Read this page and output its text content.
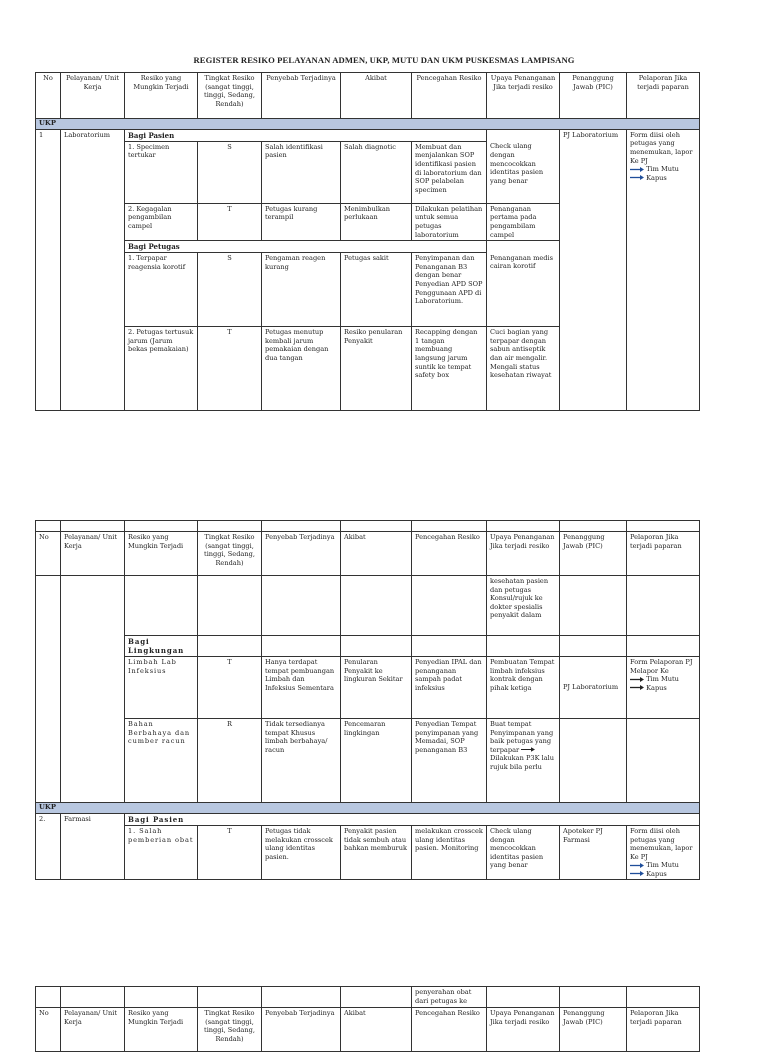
REGISTER RESIKO PELAYANAN ADMEN, UKP, MUTU DAN UKM PUSKESMAS LAMPISANG
No	Pelayanan/ Unit Kerja	Resiko yang Mungkin Terjadi	Tingkat Resiko (sangat tinggi, tinggi, Sedang, Rendah)	Penyebab Terjadinya	Akibat	Pencegahan Resiko	Upaya Penanganan Jika terjadi resiko	Penanggung Jawab (PIC)	Pelaporan Jika terjadi paparan
UKP									
1	Laboratorium	Bagi Pasien						PJ Laboratorium	Form diisi oleh petugas yang menemukan, lapor Ke PJ
Tim Mutu
Kapus

		1. Specimen tertukar	S	Salah identifikasi pasien	Salah diagnotic	Membuat dan menjalankan SOP identifikasi pasien di laboratorium dan SOP pelabelan specimen	Check ulang dengan mencocokkan identitas pasien yang benar		
		2. Kegagalan pengambilan campel	T	Petugas kurang terampil	Menimbulkan perlukaan	Dilakukan pelatihan untuk semua petugas laboratorium	Penanganan pertama pada pengambilam campel		
		Bagi Petugas							
		1. Terpapar reagensia korotif	S	Pengaman reagen kurang	Petugas sakit	Penyimpanan dan Penanganan B3 dengan benar Penyedian APD SOP Penggunaan APD di Laboratorium.	Penanganan medis cairan korotif		
		2. Petugas tertusuk jarum (Jarum bekas pemakaian)	T	Petugas menutup kembali jarum pemakaian dengan dua tangan	Resiko penularan Penyakit	Recapping dengan 1 tangan membuang langsung jarum suntik ke tempat safety box	Cuci bagian yang terpapar dengan sabun antiseptik dan air mengalir. Mengali status kesehatan riwayat		

No	Pelayanan/ Unit Kerja	Resiko yang Mungkin Terjadi	Tingkat Resiko (sangat tinggi, tinggi, Sedang, Rendah)	Penyebab Terjadinya	Akibat	Pencegahan Resiko	Upaya Penanganan Jika terjadi resiko	Penanggung Jawab (PIC)	Pelaporan Jika terjadi paparan
							kesehatan pasien dan petugas Konsul/rujuk ke dokter spesialis penyakit dalam		
		Bagi Lingkungan							
		Limbah Lab Infeksius	T	Hanya terdapat tempat pembuangan Limbah dan Infeksius Sementara	Penularan Penyakit ke lingkuran Sekitar	Penyedian IPAL dan penanganan sampah padat infeksius	Pembuatan Tempat limbah infeksius kontrak dengan pihak ketiga	PJ Laboratorium	Form Pelaporan PJ Melapor Ke
Tim Mutu
Kapus

		Bahan Berbahaya dan cumber racun	R	Tidak tersedianya tempat Khusus limbah berbahaya/ racun	Pencemaran lingkingan	Penyedian Tempat penyimpanan yang Memadai, SOP penanganan B3	Buat tempat Penyimpanan yang baik petugas yang terpapar  Dilakukan P3K lalu rujuk bila perlu		
UKP									
2.	Farmasi	Bagi Pasien							
		1. Salah pemberian obat	T	Petugas tidak melakukan crosscek ulang identitas pasien.	Penyakit pasien tidak sembuh atau bahkan memburuk	melakukan crosscek ulang identitas pasien. Monitoring	Check ulang dengan mencocokkan identitas pasien yang benar	Apoteker PJ Farmasi	Form diisi oleh petugas yang menemukan, lapor Ke PJ
Tim Mutu
Kapus
						penyerahan obat dari petugas ke			
No	Pelayanan/ Unit Kerja	Resiko yang Mungkin Terjadi	Tingkat Resiko (sangat tinggi, tinggi, Sedang, Rendah)	Penyebab Terjadinya	Akibat	Pencegahan Resiko	Upaya Penanganan Jika terjadi resiko	Penanggung Jawab (PIC)	Pelaporan Jika terjadi paparan
